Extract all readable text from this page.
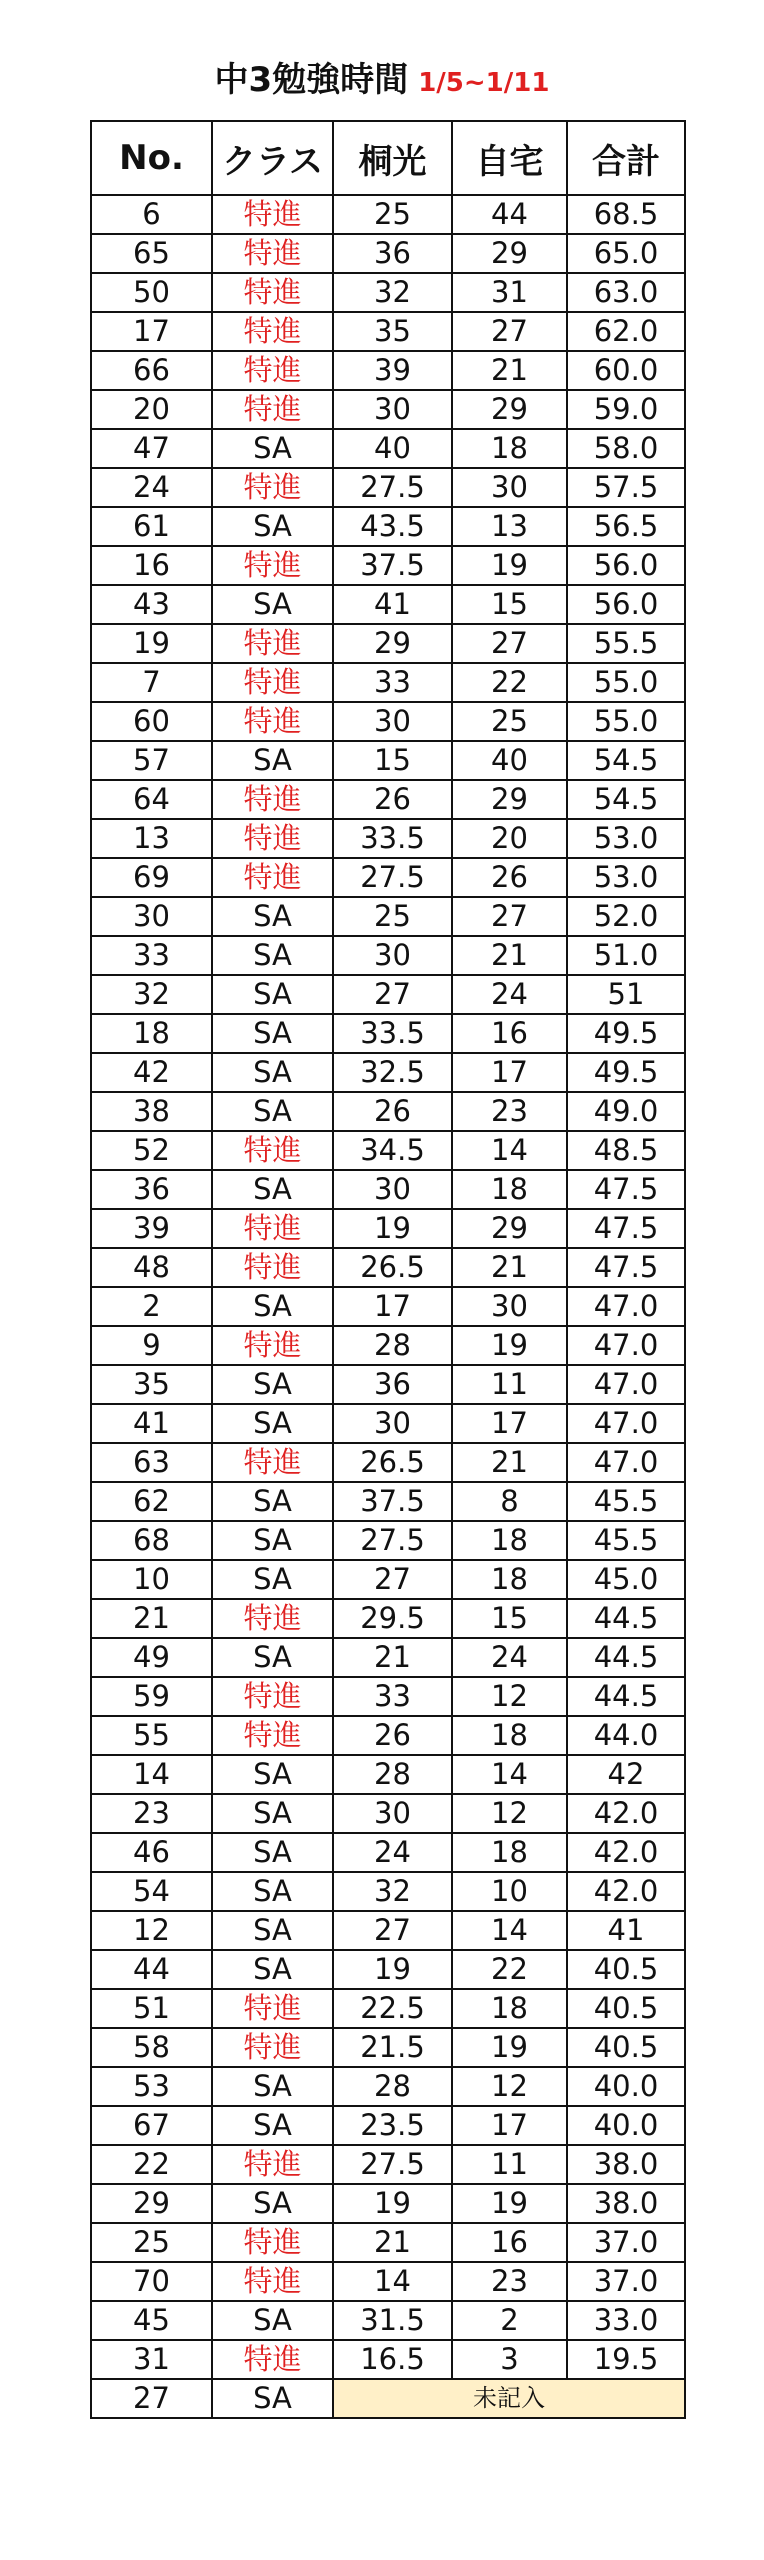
中3勉強時間 1/5~1/11
No.	クラス	桐光	自宅	合計
6	特進	25	44	68.5
65	特進	36	29	65.0
50	特進	32	31	63.0
17	特進	35	27	62.0
66	特進	39	21	60.0
20	特進	30	29	59.0
47	SA	40	18	58.0
24	特進	27.5	30	57.5
61	SA	43.5	13	56.5
16	特進	37.5	19	56.0
43	SA	41	15	56.0
19	特進	29	27	55.5
7	特進	33	22	55.0
60	特進	30	25	55.0
57	SA	15	40	54.5
64	特進	26	29	54.5
13	特進	33.5	20	53.0
69	特進	27.5	26	53.0
30	SA	25	27	52.0
33	SA	30	21	51.0
32	SA	27	24	51
18	SA	33.5	16	49.5
42	SA	32.5	17	49.5
38	SA	26	23	49.0
52	特進	34.5	14	48.5
36	SA	30	18	47.5
39	特進	19	29	47.5
48	特進	26.5	21	47.5
2	SA	17	30	47.0
9	特進	28	19	47.0
35	SA	36	11	47.0
41	SA	30	17	47.0
63	特進	26.5	21	47.0
62	SA	37.5	8	45.5
68	SA	27.5	18	45.5
10	SA	27	18	45.0
21	特進	29.5	15	44.5
49	SA	21	24	44.5
59	特進	33	12	44.5
55	特進	26	18	44.0
14	SA	28	14	42
23	SA	30	12	42.0
46	SA	24	18	42.0
54	SA	32	10	42.0
12	SA	27	14	41
44	SA	19	22	40.5
51	特進	22.5	18	40.5
58	特進	21.5	19	40.5
53	SA	28	12	40.0
67	SA	23.5	17	40.0
22	特進	27.5	11	38.0
29	SA	19	19	38.0
25	特進	21	16	37.0
70	特進	14	23	37.0
45	SA	31.5	2	33.0
31	特進	16.5	3	19.5
27	SA	未記入		
